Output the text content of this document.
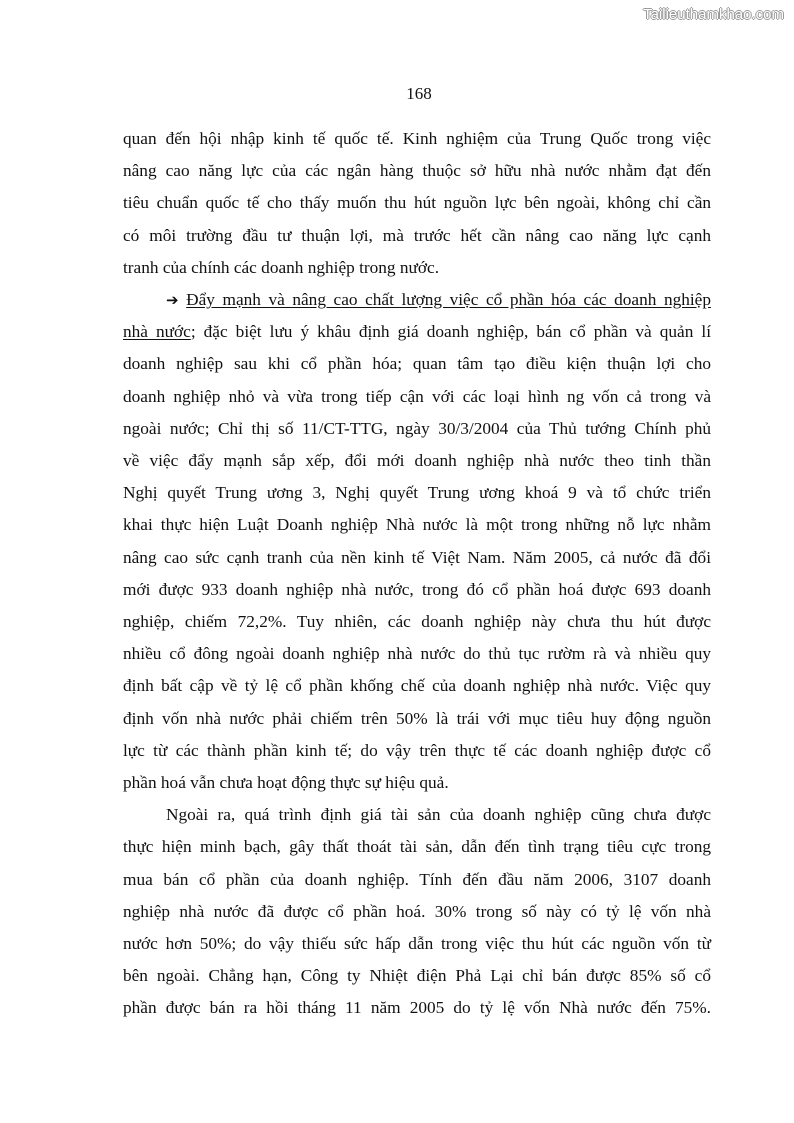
Tailieuthamkhao.com
168
quan đến hội nhập kinh tế quốc tế. Kinh nghiệm của Trung Quốc trong việc
nâng cao năng lực của các ngân hàng thuộc sở hữu nhà nước nhằm đạt đến
tiêu chuẩn quốc tế cho thấy muốn thu hút nguồn lực bên ngoài, không chỉ cần
có môi trường đầu tư thuận lợi, mà trước hết cần nâng cao năng lực cạnh
tranh của chính các doanh nghiệp trong nước.
➔ Đẩy mạnh và nâng cao chất lượng việc cổ phần hóa các doanh nghiệp
nhà nước; đặc biệt lưu ý khâu định giá doanh nghiệp, bán cổ phần và quản lí
doanh nghiệp sau khi cổ phần hóa; quan tâm tạo điều kiện thuận lợi cho
doanh nghiệp nhỏ và vừa trong tiếp cận với các loại hình ng vốn cả trong và
ngoài nước; Chỉ thị số 11/CT-TTG, ngày 30/3/2004 của Thủ tướng Chính phủ
về việc đẩy mạnh sắp xếp, đổi mới doanh nghiệp nhà nước theo tinh thần
Nghị quyết Trung ương 3, Nghị quyết Trung ương khoá 9 và tổ chức triển
khai thực hiện Luật Doanh nghiệp Nhà nước là một trong những nỗ lực nhằm
nâng cao sức cạnh tranh của nền kinh tế Việt Nam. Năm 2005, cả nước đã đổi
mới được 933 doanh nghiệp nhà nước, trong đó cổ phần hoá được 693 doanh
nghiệp, chiếm 72,2%. Tuy nhiên, các doanh nghiệp này chưa thu hút được
nhiều cổ đông ngoài doanh nghiệp nhà nước do thủ tục rườm rà và nhiều quy
định bất cập về tỷ lệ cổ phần khống chế của doanh nghiệp nhà nước. Việc quy
định vốn nhà nước phải chiếm trên 50% là trái với mục tiêu huy động nguồn
lực từ các thành phần kinh tế; do vậy trên thực tế các doanh nghiệp được cổ
phần hoá vẫn chưa hoạt động thực sự hiệu quả.
Ngoài ra, quá trình định giá tài sản của doanh nghiệp cũng chưa được
thực hiện minh bạch, gây thất thoát tài sản, dẫn đến tình trạng tiêu cực trong
mua bán cổ phần của doanh nghiệp. Tính đến đầu năm 2006, 3107 doanh
nghiệp nhà nước đã được cổ phần hoá. 30% trong số này có tỷ lệ vốn nhà
nước hơn 50%; do vậy thiếu sức hấp dẫn trong việc thu hút các nguồn vốn từ
bên ngoài. Chẳng hạn, Công ty Nhiệt điện Phả Lại chỉ bán được 85% số cổ
phần được bán ra hồi tháng 11 năm 2005 do tỷ lệ vốn Nhà nước đến 75%.
